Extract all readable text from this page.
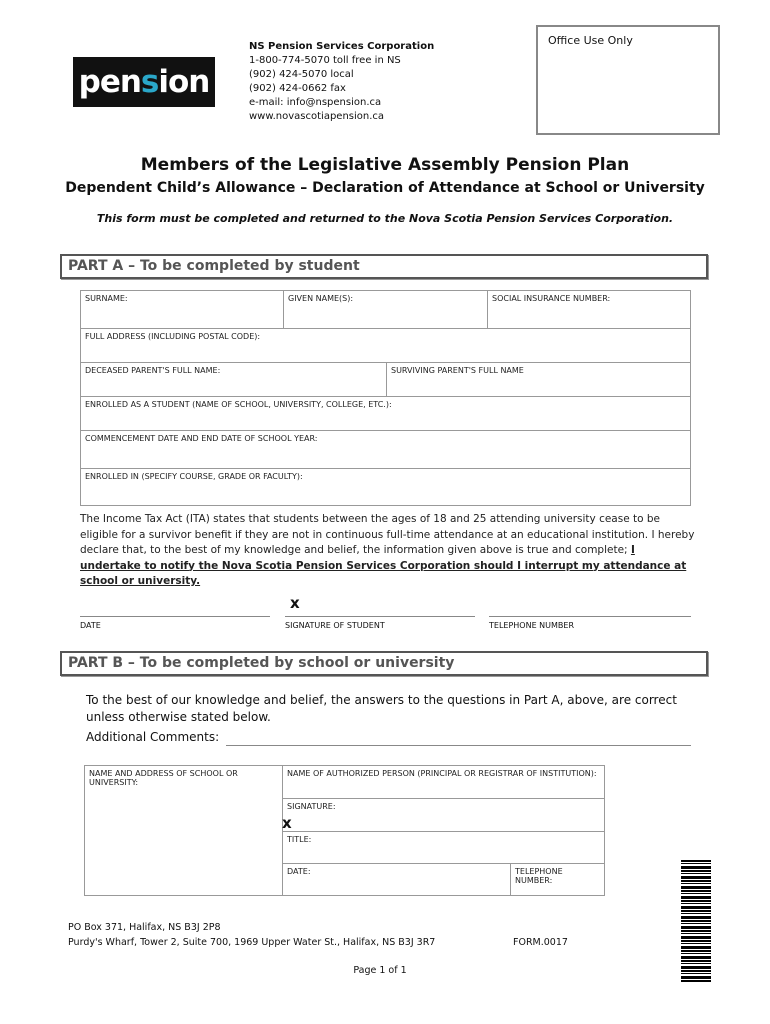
pension
NS Pension Services Corporation
1-800-774-5070 toll free in NS
(902) 424-5070 local
(902) 424-0662 fax
e-mail: info@nspension.ca
www.novascotiapension.ca
Office Use Only
Members of the Legislative Assembly Pension Plan
Dependent Child’s Allowance – Declaration of Attendance at School or University
This form must be completed and returned to the Nova Scotia Pension Services Corporation.
PART A – To be completed by student
SURNAME:	GIVEN NAME(S):	SOCIAL INSURANCE NUMBER:
FULL ADDRESS (INCLUDING POSTAL CODE):
DECEASED PARENT'S FULL NAME:	SURVIVING PARENT'S FULL NAME
ENROLLED AS A STUDENT (NAME OF SCHOOL, UNIVERSITY, COLLEGE, ETC.):
COMMENCEMENT DATE AND END DATE OF SCHOOL YEAR:
ENROLLED IN (SPECIFY COURSE, GRADE OR FACULTY):
The Income Tax Act (ITA) states that students between the ages of 18 and 25 attending university cease to be eligible for a survivor benefit if they are not in continuous full-time attendance at an educational institution. I hereby declare that, to the best of my knowledge and belief, the information given above is true and complete; I undertake to notify the Nova Scotia Pension Services Corporation should I interrupt my attendance at school or university.
x
DATE	SIGNATURE OF STUDENT	TELEPHONE NUMBER
PART B – To be completed by school or university
To the best of our knowledge and belief, the answers to the questions in Part A, above, are correct unless otherwise stated below.
Additional Comments:
NAME AND ADDRESS OF SCHOOL OR UNIVERSITY:
NAME OF AUTHORIZED PERSON (PRINCIPAL OR REGISTRAR OF INSTITUTION):
SIGNATURE:
x
TITLE:
DATE:	TELEPHONE NUMBER:
PO Box 371, Halifax, NS B3J 2P8
Purdy's Wharf, Tower 2, Suite 700, 1969 Upper Water St., Halifax, NS B3J 3R7	FORM.0017
Page 1 of 1
